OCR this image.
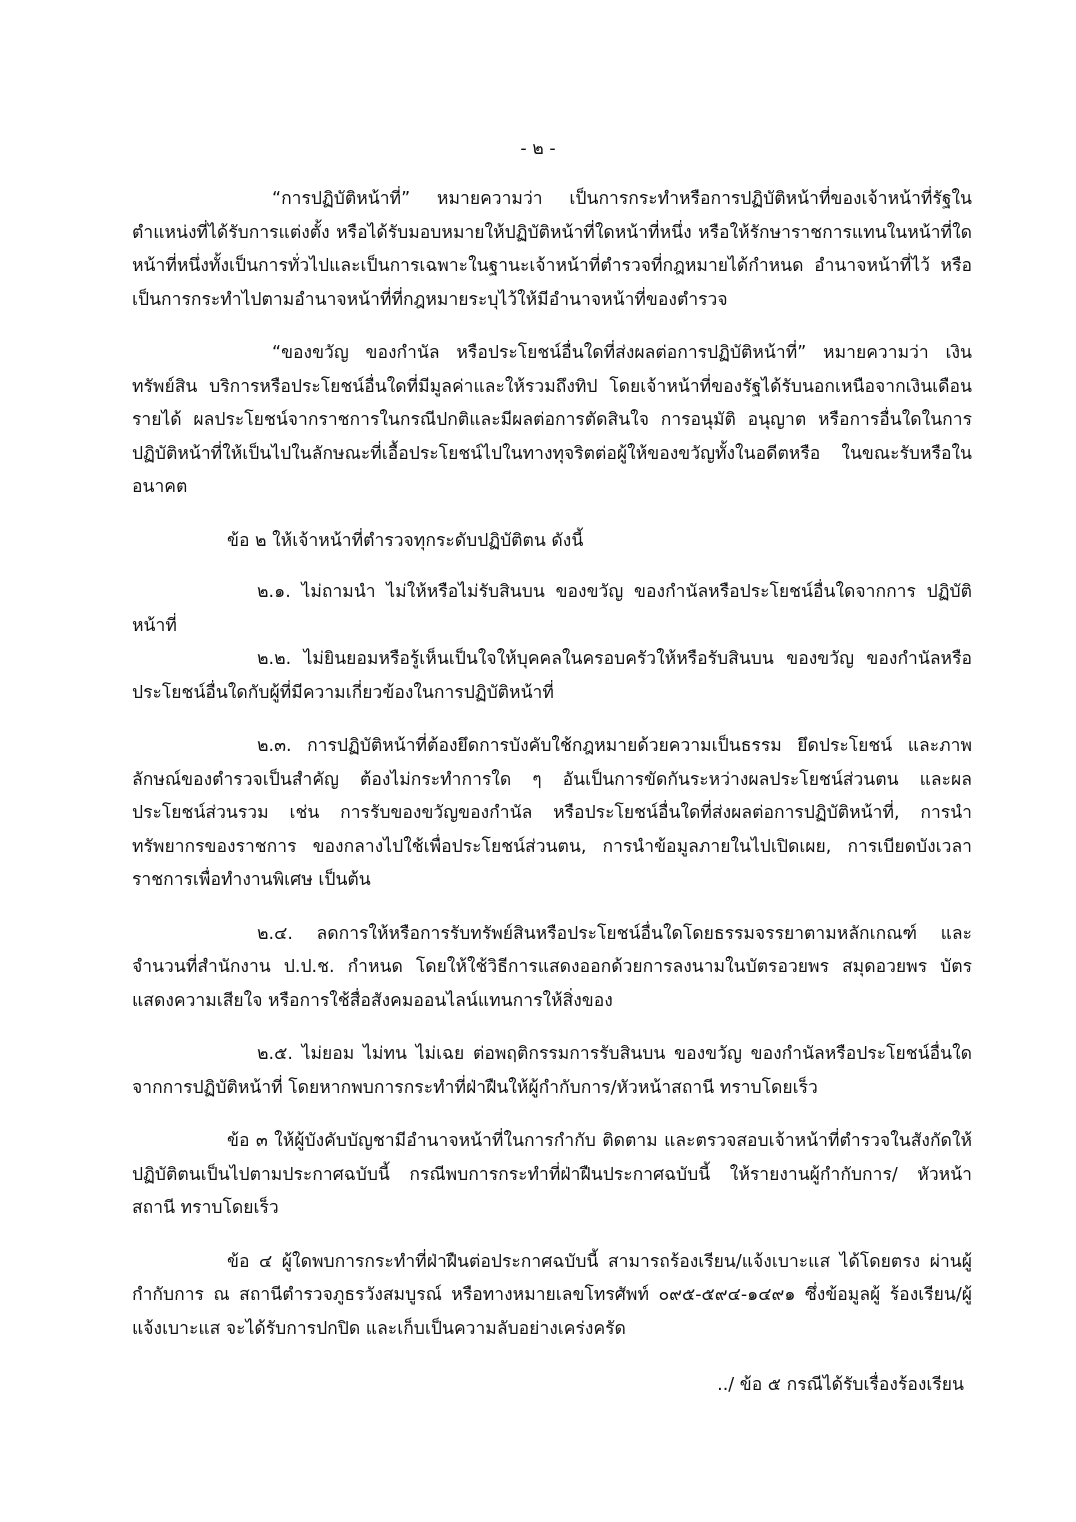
- ๒ -

“การปฏิบัติหน้าที่” หมายความว่า เป็นการกระทำหรือการปฏิบัติหน้าที่ของเจ้าหน้าที่รัฐในตำแหน่งที่ได้รับการแต่งตั้ง หรือได้รับมอบหมายให้ปฏิบัติหน้าที่ใดหน้าที่หนึ่ง หรือให้รักษาราชการแทนในหน้าที่ใดหน้าที่หนึ่งทั้งเป็นการทั่วไปและเป็นการเฉพาะในฐานะเจ้าหน้าที่ตำรวจที่กฎหมายได้กำหนด อำนาจหน้าที่ไว้ หรือเป็นการกระทำไปตามอำนาจหน้าที่ที่กฎหมายระบุไว้ให้มีอำนาจหน้าที่ของตำรวจ

“ของขวัญ ของกำนัล หรือประโยชน์อื่นใดที่ส่งผลต่อการปฏิบัติหน้าที่” หมายความว่า เงิน ทรัพย์สิน บริการหรือประโยชน์อื่นใดที่มีมูลค่าและให้รวมถึงทิป โดยเจ้าหน้าที่ของรัฐได้รับนอกเหนือจากเงินเดือน รายได้ ผลประโยชน์จากราชการในกรณีปกติและมีผลต่อการตัดสินใจ การอนุมัติ อนุญาต หรือการอื่นใดในการปฏิบัติหน้าที่ให้เป็นไปในลักษณะที่เอื้อประโยชน์ไปในทางทุจริตต่อผู้ให้ของขวัญทั้งในอดีตหรือ ในขณะรับหรือในอนาคต

ข้อ ๒ ให้เจ้าหน้าที่ตำรวจทุกระดับปฏิบัติตน ดังนี้

๒.๑. ไม่ถามนำ ไม่ให้หรือไม่รับสินบน ของขวัญ ของกำนัลหรือประโยชน์อื่นใดจากการ ปฏิบัติหน้าที่

๒.๒. ไม่ยินยอมหรือรู้เห็นเป็นใจให้บุคคลในครอบครัวให้หรือรับสินบน ของขวัญ ของกำนัลหรือประโยชน์อื่นใดกับผู้ที่มีความเกี่ยวข้องในการปฏิบัติหน้าที่

๒.๓. การปฏิบัติหน้าที่ต้องยึดการบังคับใช้กฎหมายด้วยความเป็นธรรม ยึดประโยชน์ และภาพลักษณ์ของตำรวจเป็นสำคัญ ต้องไม่กระทำการใด ๆ อันเป็นการขัดกันระหว่างผลประโยชน์ส่วนตน และผลประโยชน์ส่วนรวม เช่น การรับของขวัญของกำนัล หรือประโยชน์อื่นใดที่ส่งผลต่อการปฏิบัติหน้าที่, การนำทรัพยากรของราชการ ของกลางไปใช้เพื่อประโยชน์ส่วนตน, การนำข้อมูลภายในไปเปิดเผย, การเบียดบังเวลาราชการเพื่อทำงานพิเศษ เป็นต้น

๒.๔. ลดการให้หรือการรับทรัพย์สินหรือประโยชน์อื่นใดโดยธรรมจรรยาตามหลักเกณฑ์ และจำนวนที่สำนักงาน ป.ป.ช. กำหนด โดยให้ใช้วิธีการแสดงออกด้วยการลงนามในบัตรอวยพร สมุดอวยพร บัตรแสดงความเสียใจ หรือการใช้สื่อสังคมออนไลน์แทนการให้สิ่งของ

๒.๕. ไม่ยอม ไม่ทน ไม่เฉย ต่อพฤติกรรมการรับสินบน ของขวัญ ของกำนัลหรือประโยชน์อื่นใดจากการปฏิบัติหน้าที่ โดยหากพบการกระทำที่ฝ่าฝืนให้ผู้กำกับการ/หัวหน้าสถานี ทราบโดยเร็ว

ข้อ ๓ ให้ผู้บังคับบัญชามีอำนาจหน้าที่ในการกำกับ ติดตาม และตรวจสอบเจ้าหน้าที่ตำรวจในสังกัดให้ปฏิบัติตนเป็นไปตามประกาศฉบับนี้ กรณีพบการกระทำที่ฝ่าฝืนประกาศฉบับนี้ ให้รายงานผู้กำกับการ/ หัวหน้าสถานี ทราบโดยเร็ว

ข้อ ๔ ผู้ใดพบการกระทำที่ฝ่าฝืนต่อประกาศฉบับนี้ สามารถร้องเรียน/แจ้งเบาะแส ได้โดยตรง ผ่านผู้กำกับการ ณ สถานีตำรวจภูธรวังสมบูรณ์ หรือทางหมายเลขโทรศัพท์ ๐๙๕-๕๙๔-๑๔๙๑ ซึ่งข้อมูลผู้ ร้องเรียน/ผู้แจ้งเบาะแส จะได้รับการปกปิด และเก็บเป็นความลับอย่างเคร่งครัด

../ ข้อ ๕ กรณีได้รับเรื่องร้องเรียน
